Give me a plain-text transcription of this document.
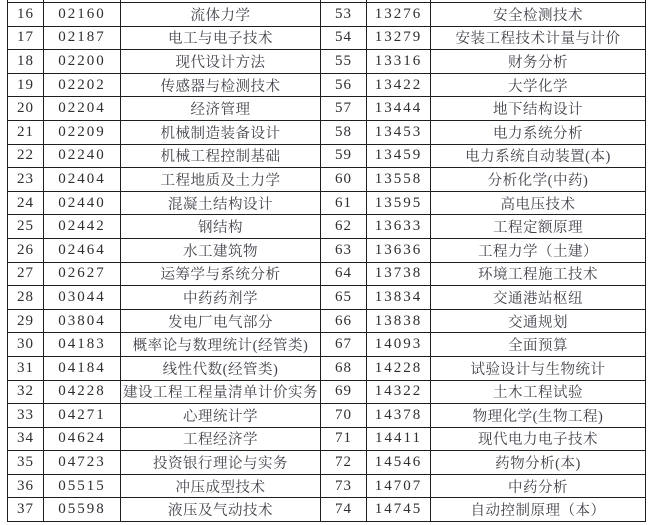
16	02160	流体力学	53	13276	安全检测技术
17	02187	电工与电子技术	54	13279	安装工程技术计量与计价
18	02200	现代设计方法	55	13316	财务分析
19	02202	传感器与检测技术	56	13422	大学化学
20	02204	经济管理	57	13444	地下结构设计
21	02209	机械制造装备设计	58	13453	电力系统分析
22	02240	机械工程控制基础	59	13459	电力系统自动装置(本)
23	02404	工程地质及土力学	60	13558	分析化学(中药)
24	02440	混凝土结构设计	61	13595	高电压技术
25	02442	钢结构	62	13633	工程定额原理
26	02464	水工建筑物	63	13636	工程力学（土建）
27	02627	运筹学与系统分析	64	13738	环境工程施工技术
28	03044	中药药剂学	65	13834	交通港站枢纽
29	03804	发电厂电气部分	66	13838	交通规划
30	04183	概率论与数理统计(经管类)	67	14093	全面预算
31	04184	线性代数(经管类)	68	14228	试验设计与生物统计
32	04228	建设工程工程量清单计价实务	69	14322	土木工程试验
33	04271	心理统计学	70	14378	物理化学(生物工程)
34	04624	工程经济学	71	14411	现代电力电子技术
35	04723	投资银行理论与实务	72	14546	药物分析(本)
36	05515	冲压成型技术	73	14707	中药分析
37	05598	液压及气动技术	74	14745	自动控制原理（本）
